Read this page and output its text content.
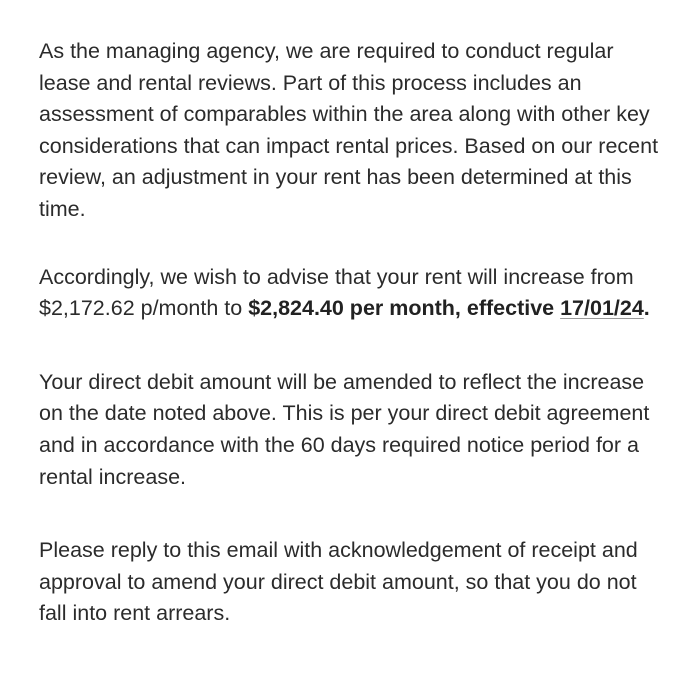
As the managing agency, we are required to conduct regular lease and rental reviews. Part of this process includes an assessment of comparables within the area along with other key considerations that can impact rental prices. Based on our recent review, an adjustment in your rent has been determined at this time.

Accordingly, we wish to advise that your rent will increase from $2,172.62 p/month to $2,824.40 per month, effective 17/01/24.

Your direct debit amount will be amended to reflect the increase on the date noted above. This is per your direct debit agreement and in accordance with the 60 days required notice period for a rental increase.

Please reply to this email with acknowledgement of receipt and approval to amend your direct debit amount, so that you do not fall into rent arrears.
